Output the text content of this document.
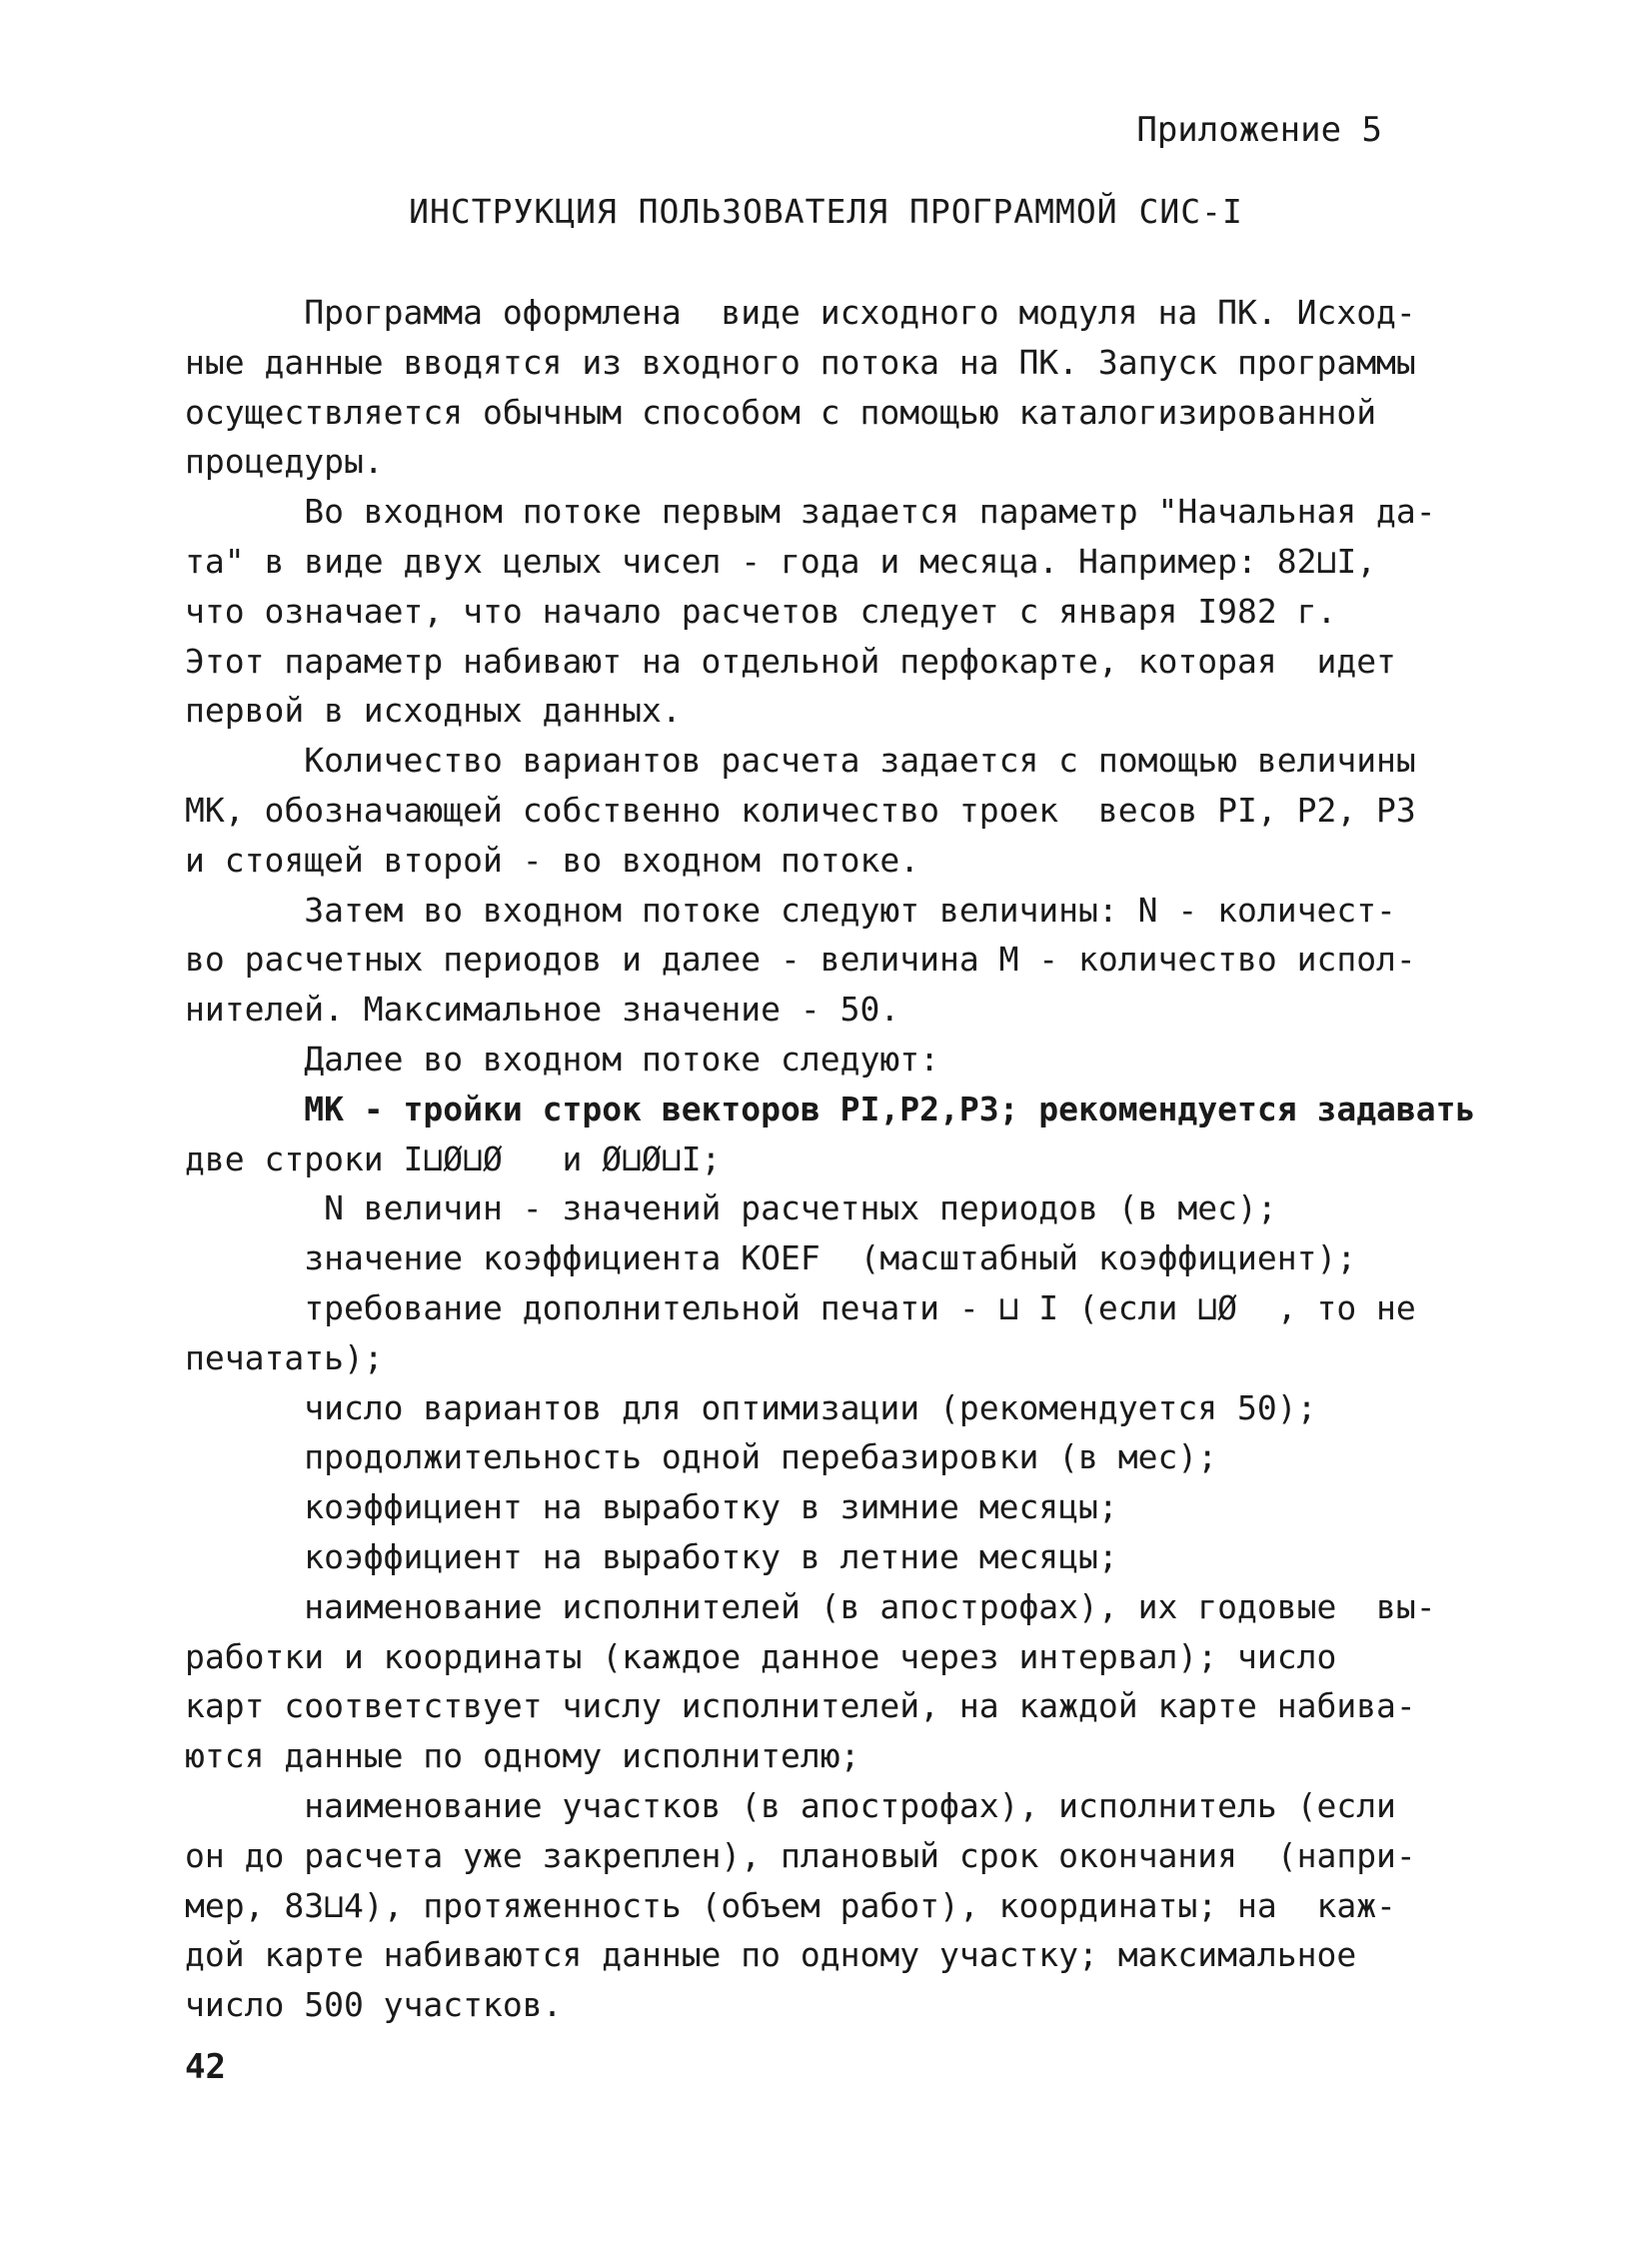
Приложение 5
ИНСТРУКЦИЯ ПОЛЬЗОВАТЕЛЯ ПРОГРАММОЙ СИС-I
Программа оформлена  виде исходного модуля на ПК. Исход-
ные данные вводятся из входного потока на ПК. Запуск программы
осуществляется обычным способом с помощью каталогизированной
процедуры.
Во входном потоке первым задается параметр "Начальная да-
та" в виде двух целых чисел - года и месяца. Например: 82⊔I,
что означает, что начало расчетов следует с января I982 г.
Этот параметр набивают на отдельной перфокарте, которая  идет
первой в исходных данных.
Количество вариантов расчета задается с помощью величины
МК, обозначающей собственно количество троек  весов PI, P2, P3
и стоящей второй - во входном потоке.
Затем во входном потоке следуют величины: N - количест-
во расчетных периодов и далее - величина М - количество испол-
нителей. Максимальное значение - 50.
Далее во входном потоке следуют:
МК - тройки строк векторов PI,P2,P3; рекомендуется задавать
две строки I⊔Ø⊔Ø   и Ø⊔Ø⊔I;
N величин - значений расчетных периодов (в мес);
значение коэффициента KOEF  (масштабный коэффициент);
требование дополнительной печати - ⊔ I (если ⊔Ø  , то не
печатать);
число вариантов для оптимизации (рекомендуется 50);
продолжительность одной перебазировки (в мес);
коэффициент на выработку в зимние месяцы;
коэффициент на выработку в летние месяцы;
наименование исполнителей (в апострофах), их годовые  вы-
работки и координаты (каждое данное через интервал); число
карт соответствует числу исполнителей, на каждой карте набива-
ются данные по одному исполнителю;
наименование участков (в апострофах), исполнитель (если
он до расчета уже закреплен), плановый срок окончания  (напри-
мер, 83⊔4), протяженность (объем работ), координаты; на  каж-
дой карте набиваются данные по одному участку; максимальное
число 500 участков.
42
